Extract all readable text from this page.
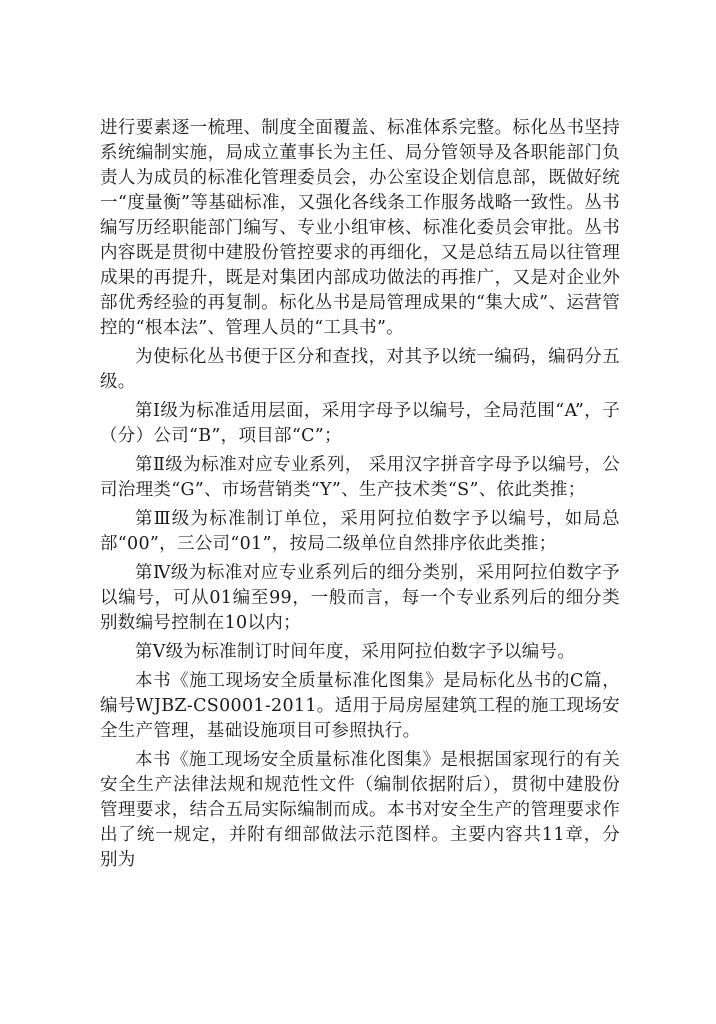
进行要素逐一梳理、制度全面覆盖、标准体系完整。标化丛书坚持系统编制实施，局成立董事长为主任、局分管领导及各职能部门负责人为成员的标准化管理委员会，办公室设企划信息部，既做好统一“度量衡”等基础标准，又强化各线条工作服务战略一致性。丛书编写历经职能部门编写、专业小组审核、标准化委员会审批。丛书内容既是贯彻中建股份管控要求的再细化，又是总结五局以往管理成果的再提升，既是对集团内部成功做法的再推广，又是对企业外部优秀经验的再复制。标化丛书是局管理成果的“集大成”、运营管控的“根本法”、管理人员的“工具书”。

为使标化丛书便于区分和查找，对其予以统一编码，编码分五级。

第Ⅰ级为标准适用层面，采用字母予以编号，全局范围“A”，子（分）公司“B”，项目部“C”；

第Ⅱ级为标准对应专业系列， 采用汉字拼音字母予以编号，公司治理类“G”、市场营销类“Y”、生产技术类“S”、依此类推；

第Ⅲ级为标准制订单位，采用阿拉伯数字予以编号，如局总部“00”，三公司“01”，按局二级单位自然排序依此类推；

第Ⅳ级为标准对应专业系列后的细分类别，采用阿拉伯数字予以编号，可从01编至99，一般而言，每一个专业系列后的细分类别数编号控制在10以内；

第Ⅴ级为标准制订时间年度，采用阿拉伯数字予以编号。

本书《施工现场安全质量标准化图集》是局标化丛书的C篇，编号WJBZ-CS0001-2011。适用于局房屋建筑工程的施工现场安全生产管理，基础设施项目可参照执行。

本书《施工现场安全质量标准化图集》是根据国家现行的有关安全生产法律法规和规范性文件（编制依据附后），贯彻中建股份管理要求，结合五局实际编制而成。本书对安全生产的管理要求作出了统一规定，并附有细部做法示范图样。主要内容共11章，分别为
